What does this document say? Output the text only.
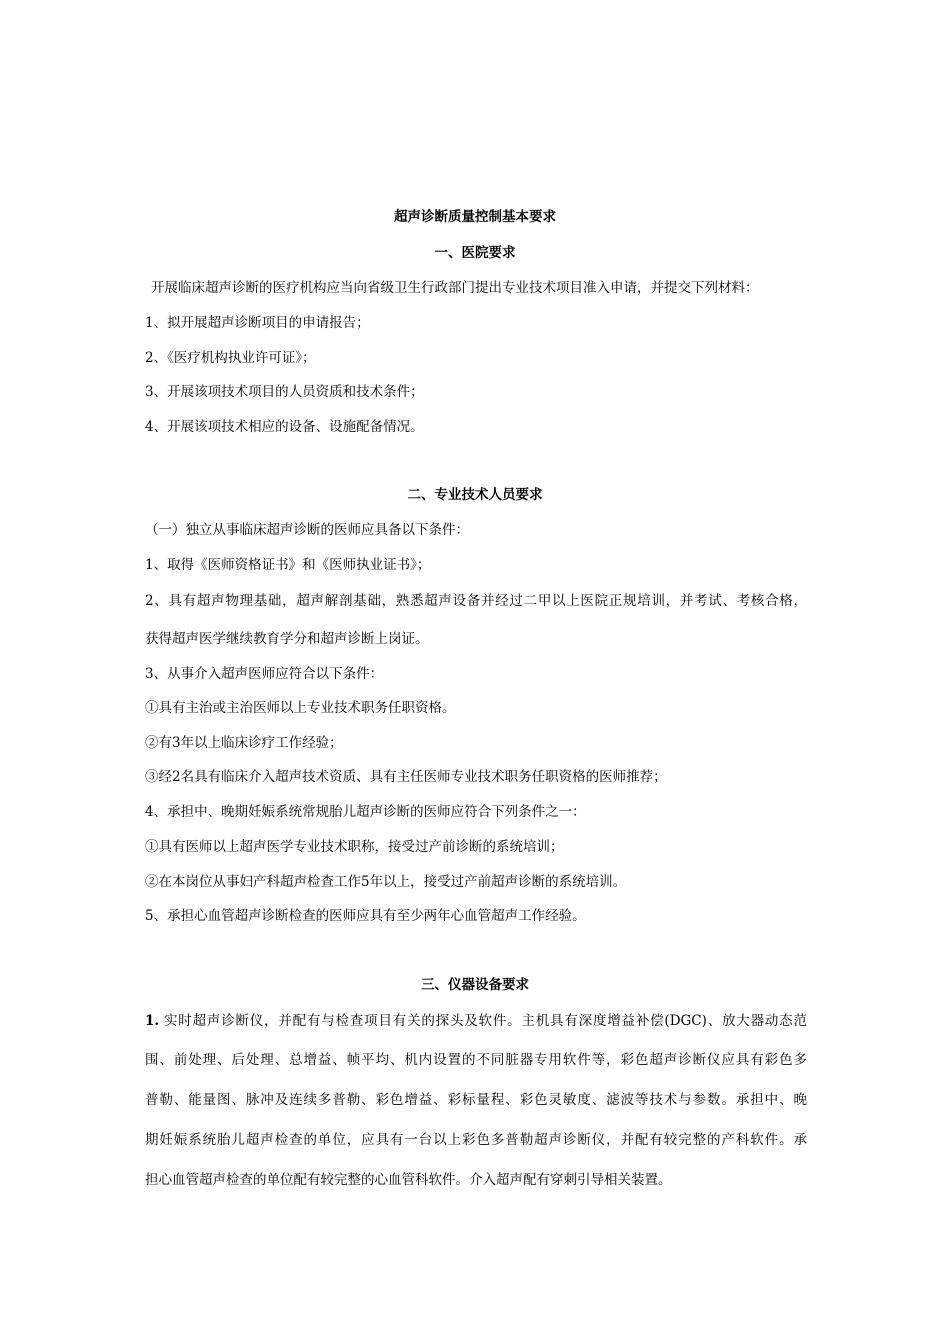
超声诊断质量控制基本要求
一、医院要求
开展临床超声诊断的医疗机构应当向省级卫生行政部门提出专业技术项目准入申请，并提交下列材料：
1、拟开展超声诊断项目的申请报告；
2、《医疗机构执业许可证》；
3、开展该项技术项目的人员资质和技术条件；
4、开展该项技术相应的设备、设施配备情况。
二、专业技术人员要求
（一）独立从事临床超声诊断的医师应具备以下条件：
1、取得《医师资格证书》和《医师执业证书》；
2、具有超声物理基础，超声解剖基础，熟悉超声设备并经过二甲以上医院正规培训，并考试、考核合格，
获得超声医学继续教育学分和超声诊断上岗证。
3、从事介入超声医师应符合以下条件：
①具有主治或主治医师以上专业技术职务任职资格。
②有3年以上临床诊疗工作经验；
③经2名具有临床介入超声技术资质、具有主任医师专业技术职务任职资格的医师推荐；
4、承担中、晚期妊娠系统常规胎儿超声诊断的医师应符合下列条件之一：
①具有医师以上超声医学专业技术职称，接受过产前诊断的系统培训；
②在本岗位从事妇产科超声检查工作5年以上，接受过产前超声诊断的系统培训。
5、承担心血管超声诊断检查的医师应具有至少两年心血管超声工作经验。
三、仪器设备要求
1. 实时超声诊断仪，并配有与检查项目有关的探头及软件。主机具有深度增益补偿(DGC)、放大器动态范
围、前处理、后处理、总增益、帧平均、机内设置的不同脏器专用软件等，彩色超声诊断仪应具有彩色多
普勒、能量图、脉冲及连续多普勒、彩色增益、彩标量程、彩色灵敏度、滤波等技术与参数。承担中、晚
期妊娠系统胎儿超声检查的单位，应具有一台以上彩色多普勒超声诊断仪，并配有较完整的产科软件。承
担心血管超声检查的单位配有较完整的心血管科软件。介入超声配有穿刺引导相关装置。
